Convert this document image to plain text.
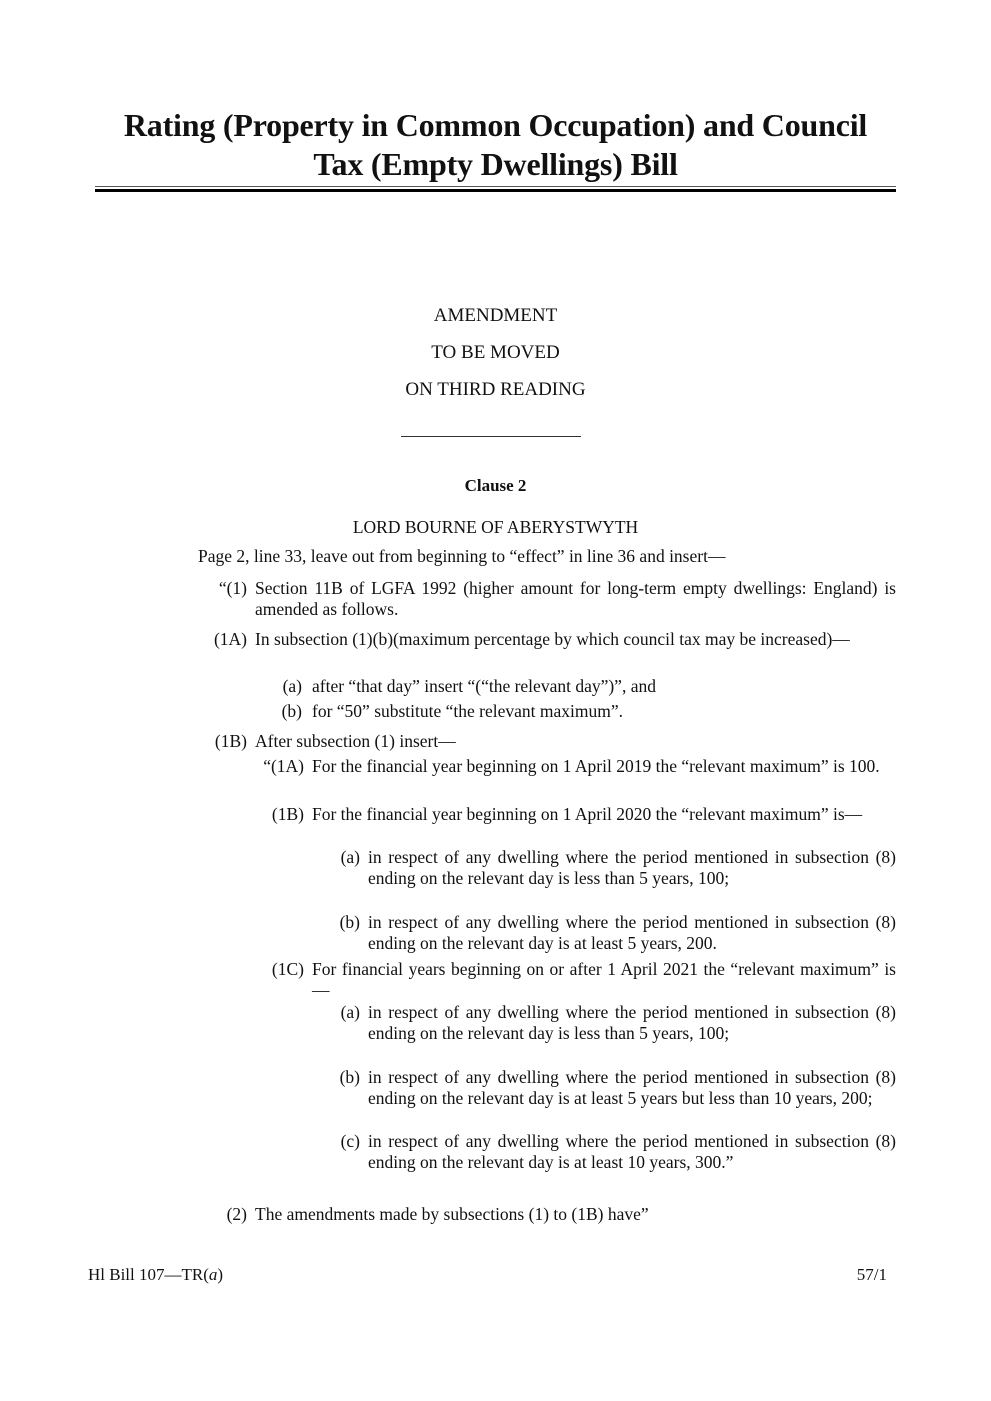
Rating (Property in Common Occupation) and Council
Tax (Empty Dwellings) Bill
AMENDMENT
TO BE MOVED
ON THIRD READING
Clause 2
LORD BOURNE OF ABERYSTWYTH
Page 2, line 33, leave out from beginning to “effect” in line 36 and insert—
“(1) Section 11B of LGFA 1992 (higher amount for long-term empty dwellings: England) is amended as follows.
(1A) In subsection (1)(b)(maximum percentage by which council tax may be increased)—
(a) after “that day” insert “(“the relevant day”)”, and
(b) for “50” substitute “the relevant maximum”.
(1B) After subsection (1) insert—
“(1A) For the financial year beginning on 1 April 2019 the “relevant maximum” is 100.
(1B) For the financial year beginning on 1 April 2020 the “relevant maximum” is—
(a) in respect of any dwelling where the period mentioned in subsection (8) ending on the relevant day is less than 5 years, 100;
(b) in respect of any dwelling where the period mentioned in subsection (8) ending on the relevant day is at least 5 years, 200.
(1C) For financial years beginning on or after 1 April 2021 the “relevant maximum” is—
(a) in respect of any dwelling where the period mentioned in subsection (8) ending on the relevant day is less than 5 years, 100;
(b) in respect of any dwelling where the period mentioned in subsection (8) ending on the relevant day is at least 5 years but less than 10 years, 200;
(c) in respect of any dwelling where the period mentioned in subsection (8) ending on the relevant day is at least 10 years, 300.”
(2) The amendments made by subsections (1) to (1B) have”
Hl Bill 107—TR(a)	57/1
